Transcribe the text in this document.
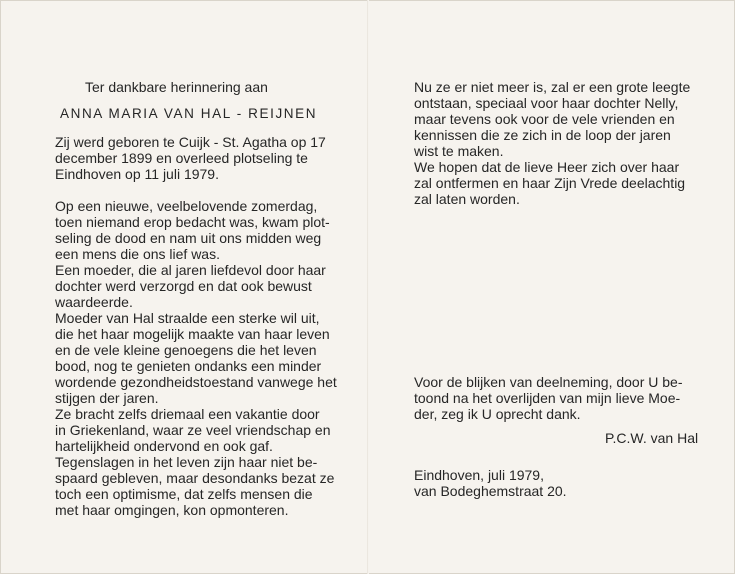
Ter dankbare herinnering aan
ANNA MARIA VAN HAL - REIJNEN
Zij werd geboren te Cuijk - St. Agatha op 17
december 1899 en overleed plotseling te
Eindhoven op 11 juli 1979.
Op een nieuwe, veelbelovende zomerdag,
toen niemand erop bedacht was, kwam plot-
seling de dood en nam uit ons midden weg
een mens die ons lief was.
Een moeder, die al jaren liefdevol door haar
dochter werd verzorgd en dat ook bewust
waardeerde.
Moeder van Hal straalde een sterke wil uit,
die het haar mogelijk maakte van haar leven
en de vele kleine genoegens die het leven
bood, nog te genieten ondanks een minder
wordende gezondheidstoestand vanwege het
stijgen der jaren.
Ze bracht zelfs driemaal een vakantie door
in Griekenland, waar ze veel vriendschap en
hartelijkheid ondervond en ook gaf.
Tegenslagen in het leven zijn haar niet be-
spaard gebleven, maar desondanks bezat ze
toch een optimisme, dat zelfs mensen die
met haar omgingen, kon opmonteren.
Nu ze er niet meer is, zal er een grote leegte
ontstaan, speciaal voor haar dochter Nelly,
maar tevens ook voor de vele vrienden en
kennissen die ze zich in de loop der jaren
wist te maken.
We hopen dat de lieve Heer zich over haar
zal ontfermen en haar Zijn Vrede deelachtig
zal laten worden.
Voor de blijken van deelneming, door U be-
toond na het overlijden van mijn lieve Moe-
der, zeg ik U oprecht dank.
P.C.W. van Hal
Eindhoven, juli 1979,
van Bodeghemstraat 20.
